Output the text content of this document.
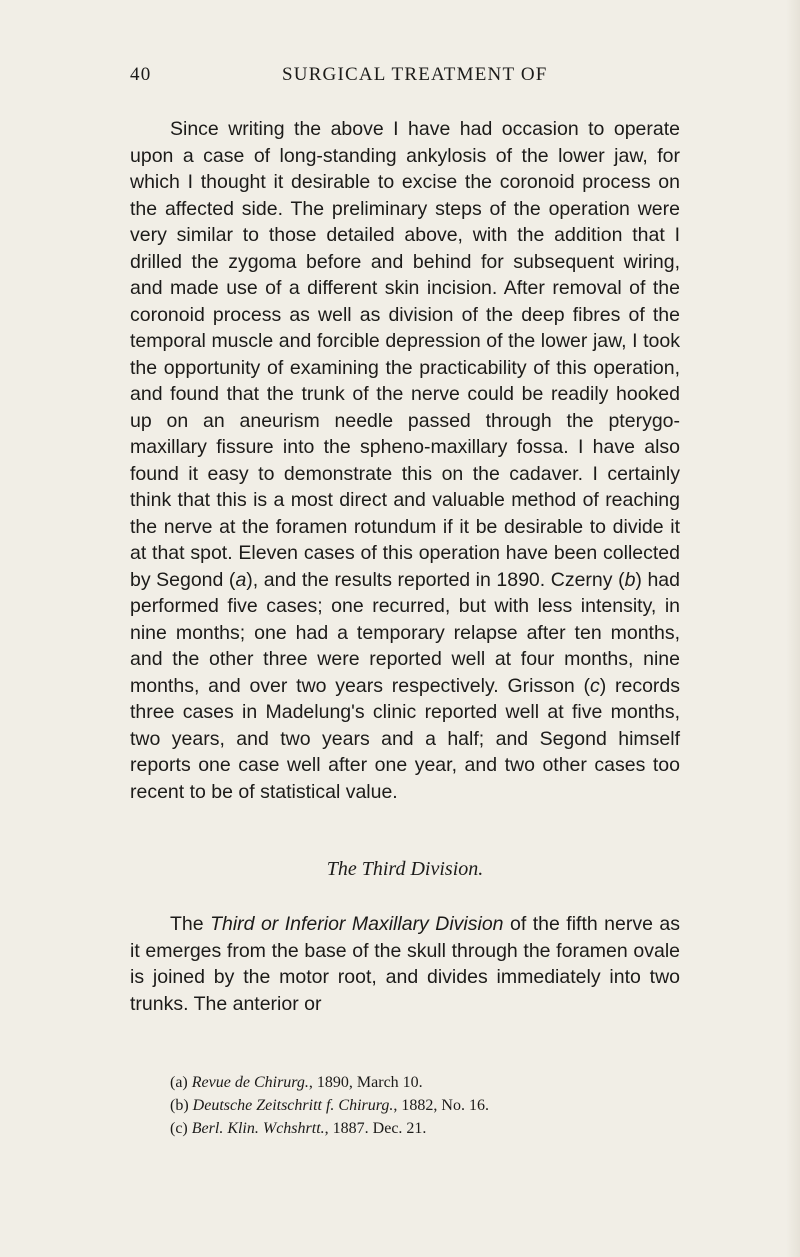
40	SURGICAL TREATMENT OF

Since writing the above I have had occasion to operate upon a case of long-standing ankylosis of the lower jaw, for which I thought it desirable to excise the coronoid process on the affected side. The preliminary steps of the operation were very similar to those detailed above, with the addition that I drilled the zygoma before and behind for subsequent wiring, and made use of a different skin incision. After removal of the coronoid process as well as division of the deep fibres of the temporal muscle and forcible depression of the lower jaw, I took the opportunity of examining the practicability of this operation, and found that the trunk of the nerve could be readily hooked up on an aneurism needle passed through the pterygo-maxillary fissure into the spheno-maxillary fossa. I have also found it easy to demonstrate this on the cadaver. I certainly think that this is a most direct and valuable method of reaching the nerve at the foramen rotundum if it be desirable to divide it at that spot. Eleven cases of this operation have been collected by Segond (a), and the results reported in 1890. Czerny (b) had performed five cases; one recurred, but with less intensity, in nine months; one had a temporary relapse after ten months, and the other three were reported well at four months, nine months, and over two years respectively. Grisson (c) records three cases in Madelung's clinic reported well at five months, two years, and two years and a half; and Segond himself reports one case well after one year, and two other cases too recent to be of statistical value.

The Third Division.

The Third or Inferior Maxillary Division of the fifth nerve as it emerges from the base of the skull through the foramen ovale is joined by the motor root, and divides immediately into two trunks. The anterior or

(a) Revue de Chirurg., 1890, March 10.
(b) Deutsche Zeitschritt f. Chirurg., 1882, No. 16.
(c) Berl. Klin. Wchshrtt., 1887. Dec. 21.
